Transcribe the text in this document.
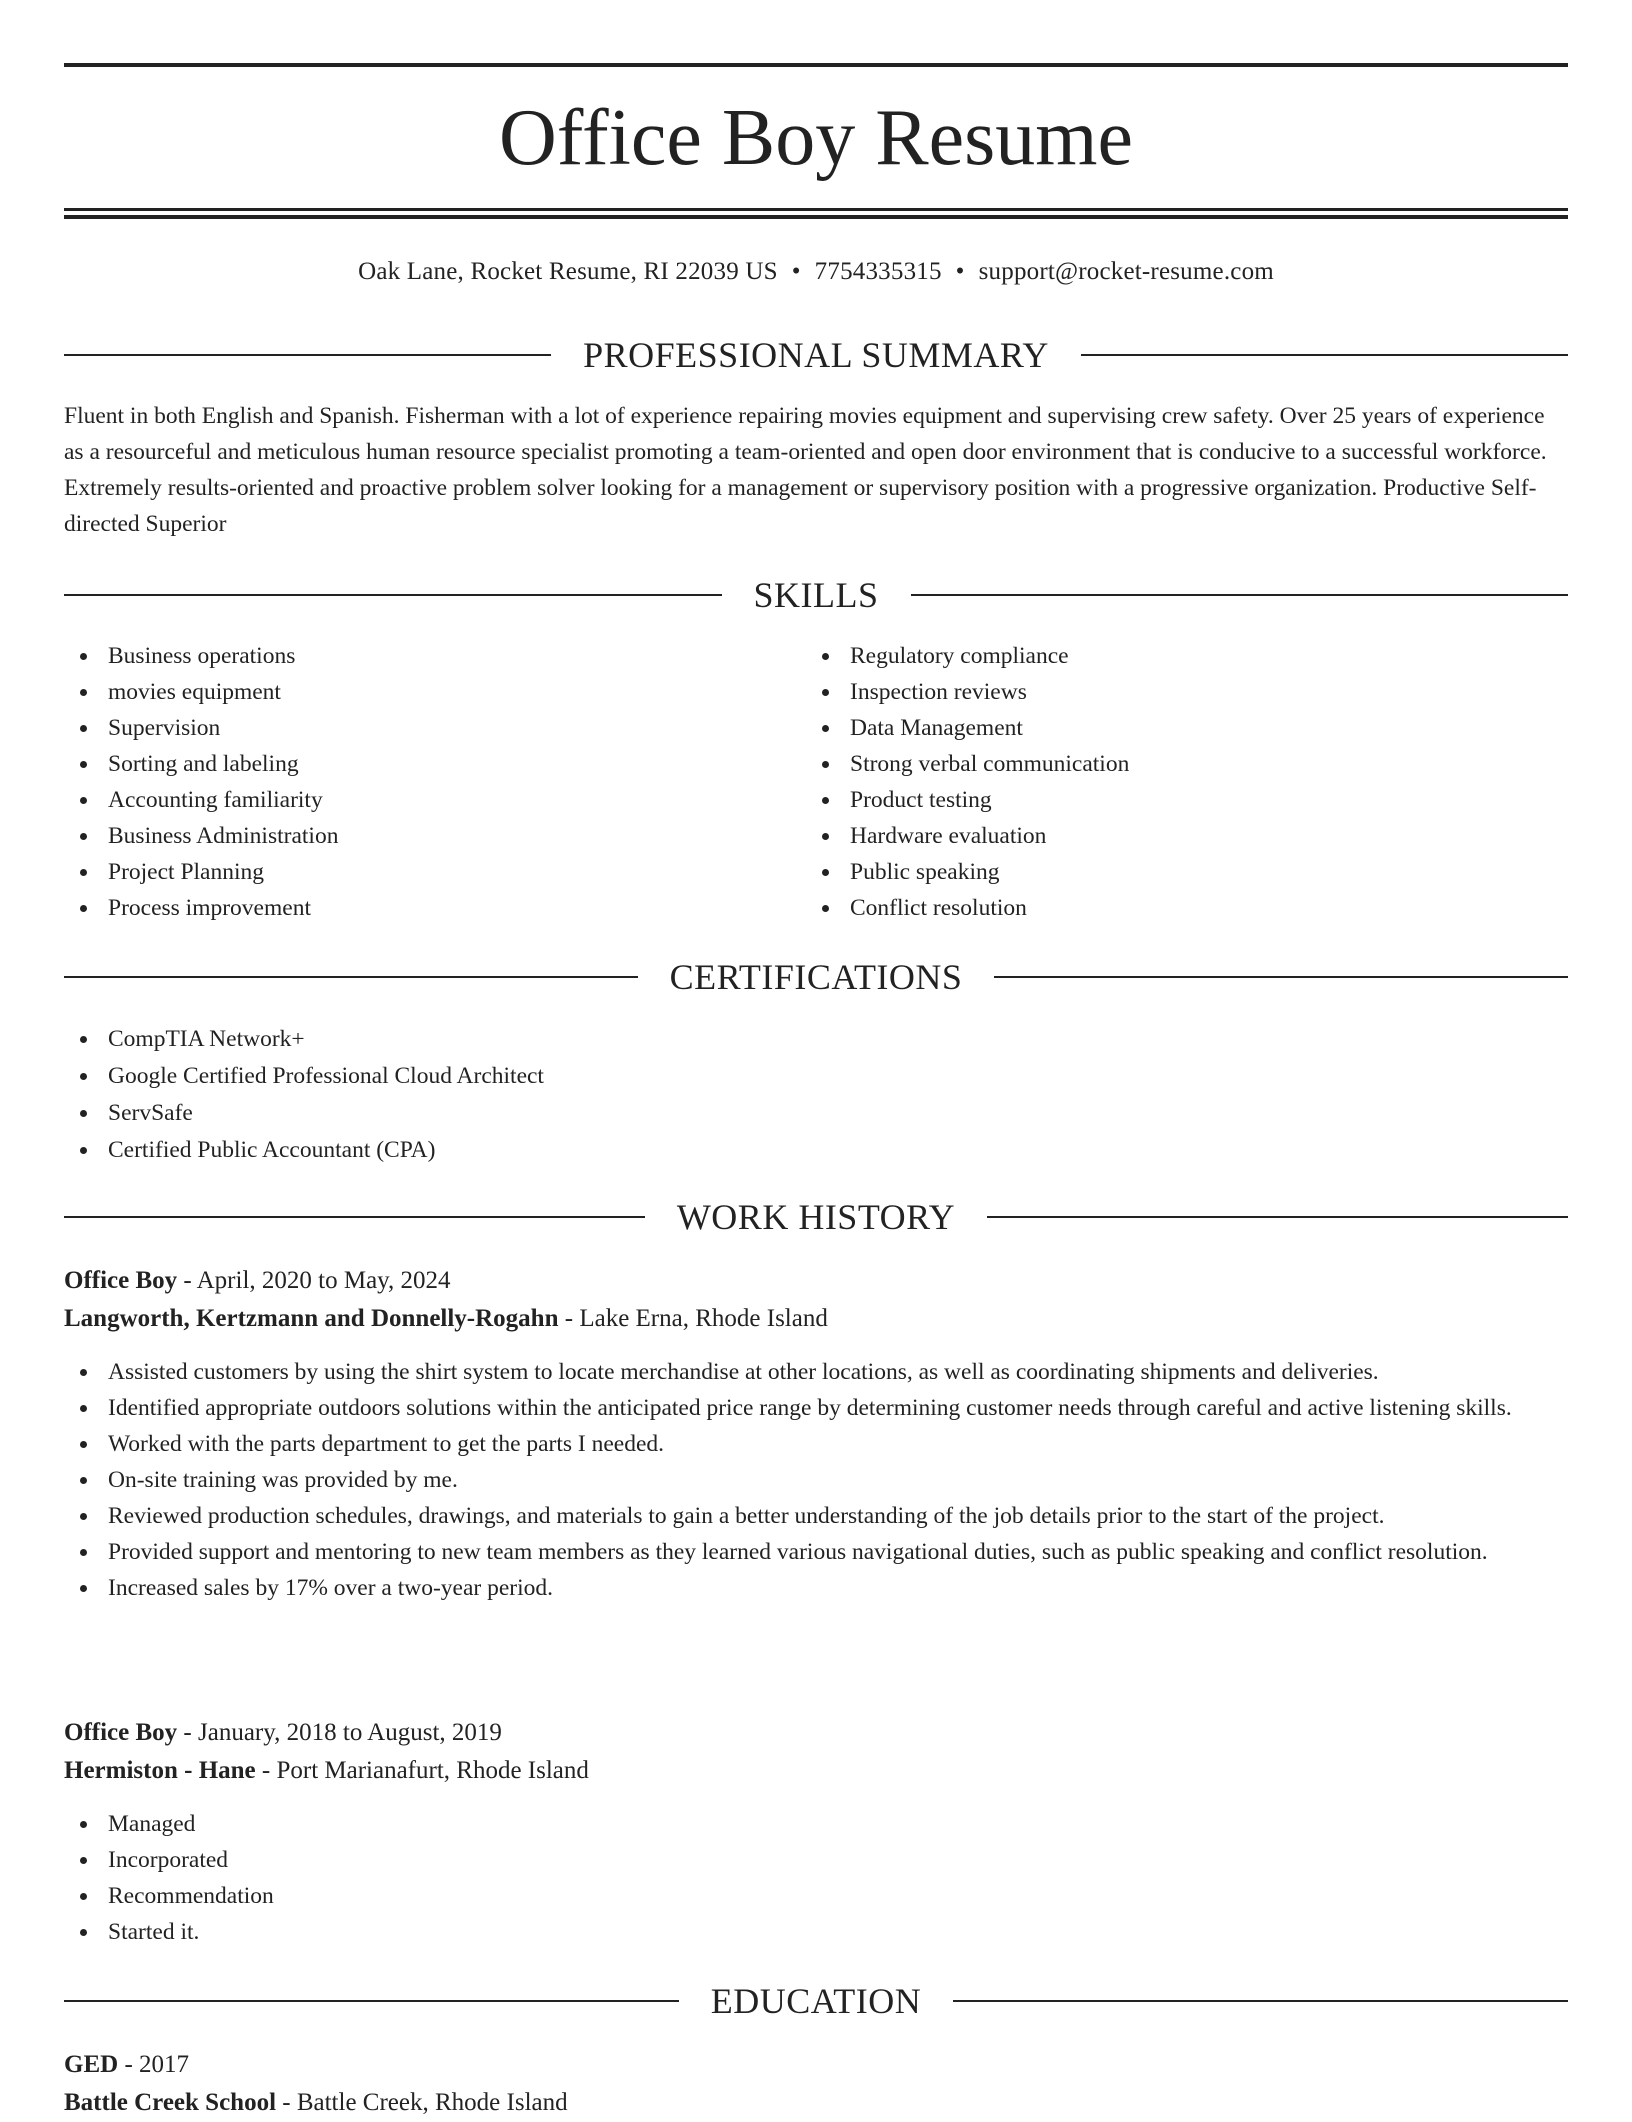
Office Boy Resume
Oak Lane, Rocket Resume, RI 22039 US • 7754335315 • support@rocket-resume.com
PROFESSIONAL SUMMARY

Fluent in both English and Spanish. Fisherman with a lot of experience repairing movies equipment and supervising crew safety. Over 25 years of experience as a resourceful and meticulous human resource specialist promoting a team-oriented and open door environment that is conducive to a successful workforce. Extremely results-oriented and proactive problem solver looking for a management or supervisory position with a progressive organization. Productive Self-directed Superior

SKILLS
Business operations
movies equipment
Supervision
Sorting and labeling
Accounting familiarity
Business Administration
Project Planning
Process improvement
Regulatory compliance
Inspection reviews
Data Management
Strong verbal communication
Product testing
Hardware evaluation
Public speaking
Conflict resolution
CERTIFICATIONS
CompTIA Network+
Google Certified Professional Cloud Architect
ServSafe
Certified Public Accountant (CPA)
WORK HISTORY
Office Boy - April, 2020 to May, 2024
Langworth, Kertzmann and Donnelly-Rogahn - Lake Erna, Rhode Island
Assisted customers by using the shirt system to locate merchandise at other locations, as well as coordinating shipments and deliveries.
Identified appropriate outdoors solutions within the anticipated price range by determining customer needs through careful and active listening skills.
Worked with the parts department to get the parts I needed.
On-site training was provided by me.
Reviewed production schedules, drawings, and materials to gain a better understanding of the job details prior to the start of the project.
Provided support and mentoring to new team members as they learned various navigational duties, such as public speaking and conflict resolution.
Increased sales by 17% over a two-year period.
Office Boy - January, 2018 to August, 2019
Hermiston - Hane - Port Marianafurt, Rhode Island
Managed
Incorporated
Recommendation
Started it.
EDUCATION
GED - 2017
Battle Creek School - Battle Creek, Rhode Island
